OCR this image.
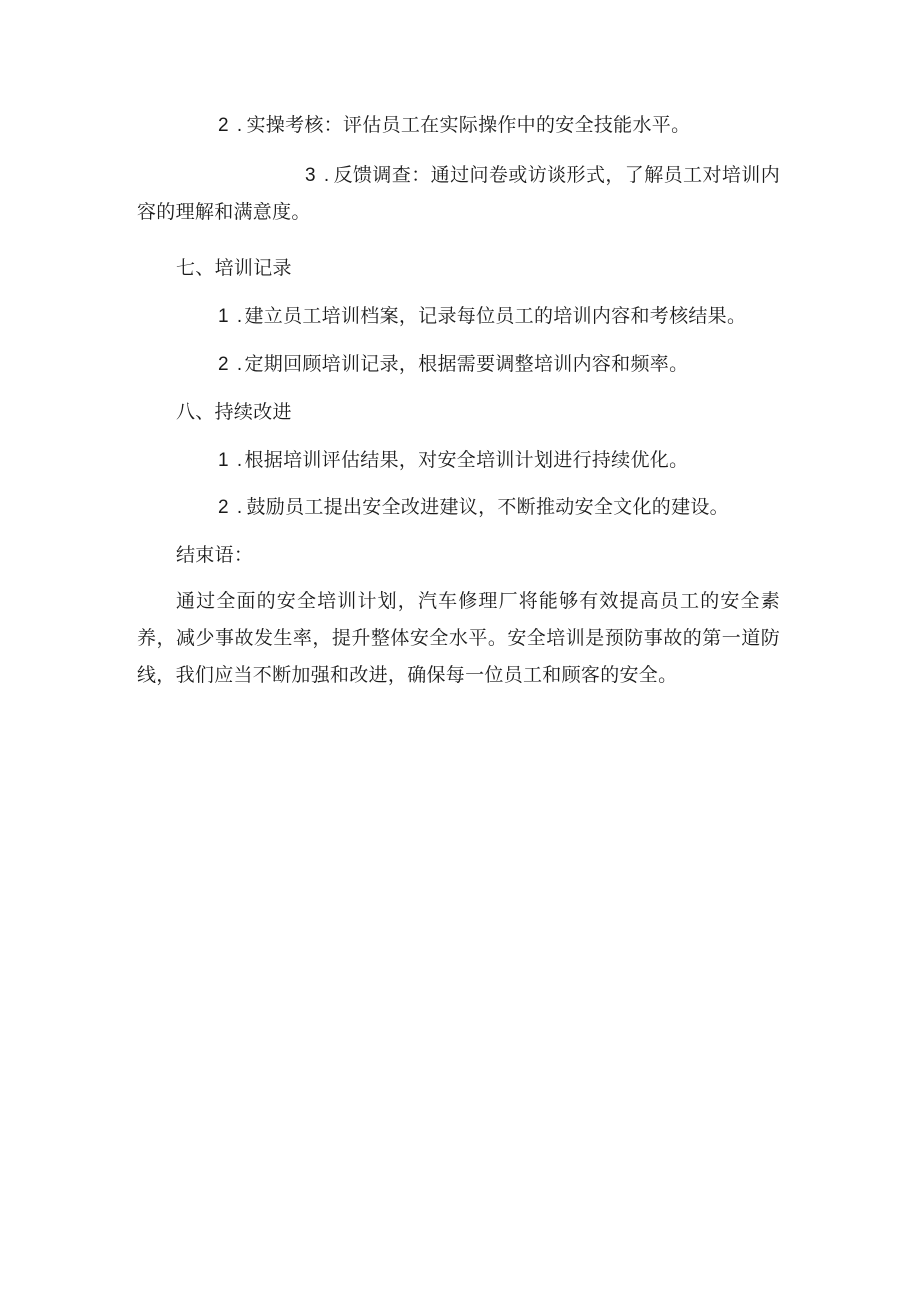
2. 实操考核：评估员工在实际操作中的安全技能水平。
3. 反馈调查：通过问卷或访谈形式，了解员工对培训内容的理解和满意度。
七、培训记录
1. 建立员工培训档案，记录每位员工的培训内容和考核结果。
2. 定期回顾培训记录，根据需要调整培训内容和频率。
八、持续改进
1. 根据培训评估结果，对安全培训计划进行持续优化。
2. 鼓励员工提出安全改进建议，不断推动安全文化的建设。
结束语：
通过全面的安全培训计划，汽车修理厂将能够有效提高员工的安全素养，减少事故发生率，提升整体安全水平。安全培训是预防事故的第一道防线，我们应当不断加强和改进，确保每一位员工和顾客的安全。
